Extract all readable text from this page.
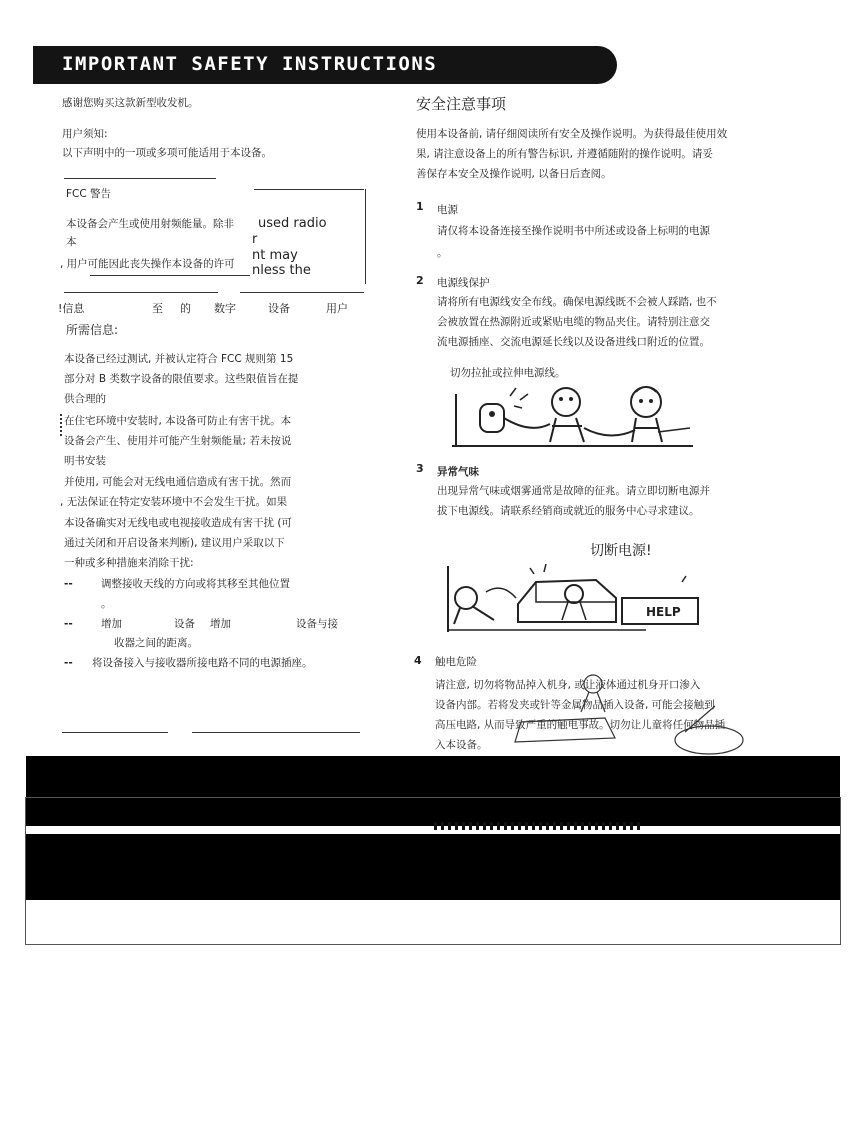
IMPORTANT SAFETY INSTRUCTIONS
感谢您购买这款新型收发机。
用户须知:
以下声明中的一项或多项可能适用于本设备。
FCC 警告
本设备会产生或使用射频能量。除非
本
, 用户可能因此丧失操作本设备的许可
used radio
r
nt may
nless the
!信息	至 的 数字	设备	用户
所需信息:
本设备已经过测试, 并被认定符合 FCC 规则第 15
部分对 B 类数字设备的限值要求。这些限值旨在提
供合理的
在住宅环境中安装时, 本设备可防止有害干扰。本
设备会产生、使用并可能产生射频能量; 若未按说
明书安装
并使用, 可能会对无线电通信造成有害干扰。然而
, 无法保证在特定安装环境中不会发生干扰。如果
本设备确实对无线电或电视接收造成有害干扰 (可
通过关闭和开启设备来判断), 建议用户采取以下
一种或多种措施来消除干扰:
--	调整接收天线的方向或将其移至其他位置
。
--	增加	设备 增加	设备与接
收器之间的距离。
-- 将设备接入与接收器所接电路不同的电源插座。
安全注意事项
使用本设备前, 请仔细阅读所有安全及操作说明。为获得最佳使用效
果, 请注意设备上的所有警告标识, 并遵循随附的操作说明。请妥
善保存本安全及操作说明, 以备日后查阅。
1 电源
请仅将本设备连接至操作说明书中所述或设备上标明的电源
。
2 电源线保护
请将所有电源线安全布线。确保电源线既不会被人踩踏, 也不
会被放置在热源附近或紧贴电缆的物品夹住。请特别注意交
流电源插座、交流电源延长线以及设备进线口附近的位置。
切勿拉扯或拉伸电源线。
3 异常气味
出现异常气味或烟雾通常是故障的征兆。请立即切断电源并
拔下电源线。请联系经销商或就近的服务中心寻求建议。
切断电源!
HELP
4 触电危险
请注意, 切勿将物品掉入机身, 或让液体通过机身开口渗入
设备内部。若将发夹或针等金属物品插入设备, 可能会接触到
高压电路, 从而导致严重的触电事故。切勿让儿童将任何物品插
入本设备。
